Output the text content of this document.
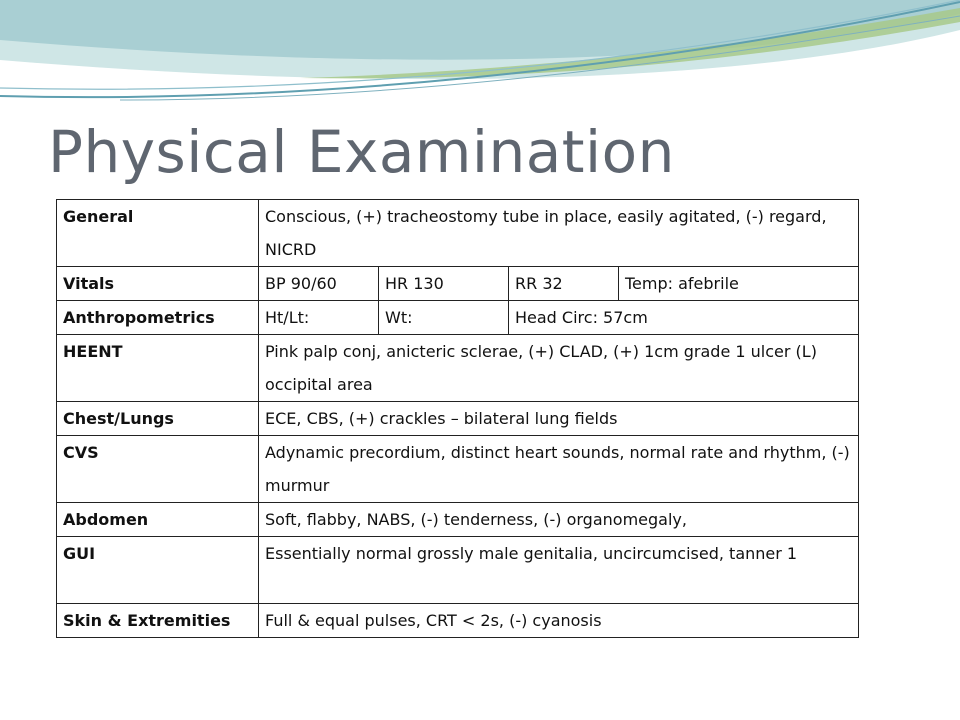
Physical Examination
General	Conscious, (+) tracheostomy tube in place, easily agitated, (-) regard, NICRD			
Vitals	BP 90/60	HR 130	RR 32	Temp: afebrile
Anthropometrics	Ht/Lt:	Wt:	Head Circ: 57cm	
HEENT	Pink palp conj, anicteric sclerae, (+) CLAD, (+) 1cm grade 1 ulcer (L) occipital area			
Chest/Lungs	ECE, CBS, (+) crackles – bilateral lung fields			
CVS	Adynamic precordium, distinct heart sounds, normal rate and rhythm, (-) murmur			
Abdomen	Soft, flabby, NABS, (-) tenderness, (-) organomegaly,			
GUI	Essentially normal grossly male genitalia, uncircumcised, tanner 1			
Skin & Extremities	Full & equal pulses, CRT < 2s, (-) cyanosis			
